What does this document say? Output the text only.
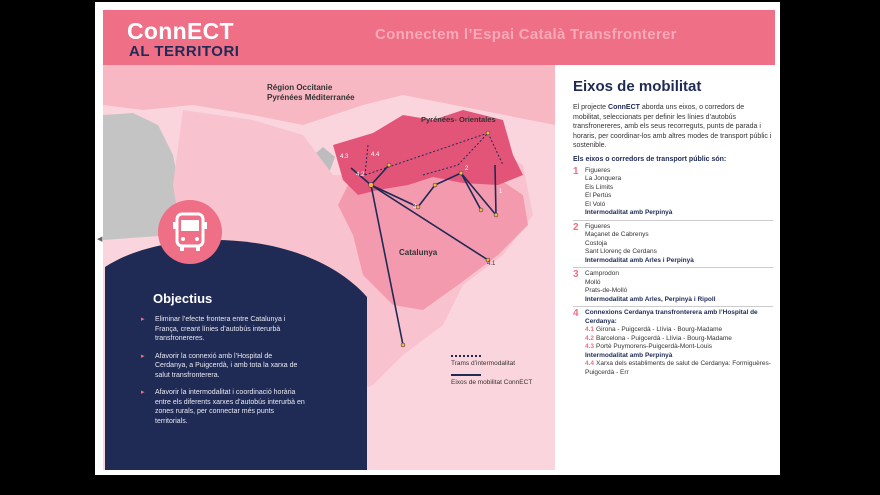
ConnECT
AL TERRITORI
Connectem l’Espai Català Transfronterer
Région Occitanie
Pyrénées Méditerranée
Pyrénées- Orientales
Catalunya
4.3	4.4
4.2
1
2
3
4.1
Objectius
▸ Eliminar l’efecte frontera entre Catalunya i França, creant línies d’autobús interurbà transfronereres.
▸ Afavorir la connexió amb l’Hospital de Cerdanya, a Puigcerdà, i amb tota la xarxa de salut transfronterera.
▸ Afavorir la intermodalitat i coordinació horària entre els diferents xarxes d’autobús interurbà en zones rurals, per connectar més punts territorials.
Trams d’intermodalitat
Eixos de mobilitat ConnECT
Eixos de mobilitat
El projecte ConnECT aborda uns eixos, o corredors de mobilitat, seleccionats per definir les línies d’autobús transfronereres, amb els seus recorreguts, punts de parada i horaris, per coordinar-los amb altres modes de transport públic i sostenible.
Els eixos o corredors de transport públic són:
1 Figueres
La Jonquera
Els Límits
El Pertús
El Voló
Intermodalitat amb Perpinyà
2 Figueres
Maçanet de Cabrenys
Costoja
Sant Llorenç de Cerdans
Intermodalitat amb Arles i Perpinyà
3 Camprodon
Molló
Prats-de-Molló
Intermodalitat amb Arles, Perpinyà i Ripoll
4 Connexions Cerdanya transfronterera amb l’Hospital de Cerdanya:
4.1 Girona - Puigcerdà - Llívia - Bourg-Madame
4.2 Barcelona - Puigcerdà - Llívia - Bourg-Madame
4.3 Portè Puymorens-Puigcerdà-Mont-Louis
Intermodalitat amb Perpinyà
4.4 Xarxa dels establiments de salut de Cerdanya: Formiguères-Puigcerdà - Err
◀
